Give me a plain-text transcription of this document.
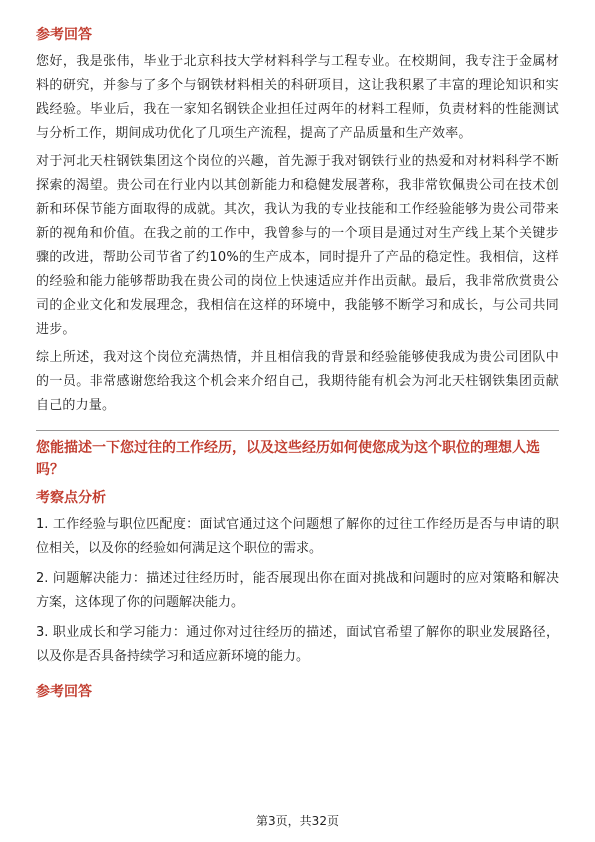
参考回答

您好，我是张伟，毕业于北京科技大学材料科学与工程专业。在校期间，我专注于金属材料的研究，并参与了多个与钢铁材料相关的科研项目，这让我积累了丰富的理论知识和实践经验。毕业后，我在一家知名钢铁企业担任过两年的材料工程师，负责材料的性能测试与分析工作，期间成功优化了几项生产流程，提高了产品质量和生产效率。

对于河北天柱钢铁集团这个岗位的兴趣，首先源于我对钢铁行业的热爱和对材料科学不断探索的渴望。贵公司在行业内以其创新能力和稳健发展著称，我非常钦佩贵公司在技术创新和环保节能方面取得的成就。其次，我认为我的专业技能和工作经验能够为贵公司带来新的视角和价值。在我之前的工作中，我曾参与的一个项目是通过对生产线上某个关键步骤的改进，帮助公司节省了约10%的生产成本，同时提升了产品的稳定性。我相信，这样的经验和能力能够帮助我在贵公司的岗位上快速适应并作出贡献。最后，我非常欣赏贵公司的企业文化和发展理念，我相信在这样的环境中，我能够不断学习和成长，与公司共同进步。

综上所述，我对这个岗位充满热情，并且相信我的背景和经验能够使我成为贵公司团队中的一员。非常感谢您给我这个机会来介绍自己，我期待能有机会为河北天柱钢铁集团贡献自己的力量。

您能描述一下您过往的工作经历，以及这些经历如何使您成为这个职位的理想人选吗？
考察点分析

1. 工作经验与职位匹配度：面试官通过这个问题想了解你的过往工作经历是否与申请的职位相关，以及你的经验如何满足这个职位的需求。

2. 问题解决能力：描述过往经历时，能否展现出你在面对挑战和问题时的应对策略和解决方案，这体现了你的问题解决能力。

3. 职业成长和学习能力：通过你对过往经历的描述，面试官希望了解你的职业发展路径，以及你是否具备持续学习和适应新环境的能力。

参考回答
第3页，共32页
